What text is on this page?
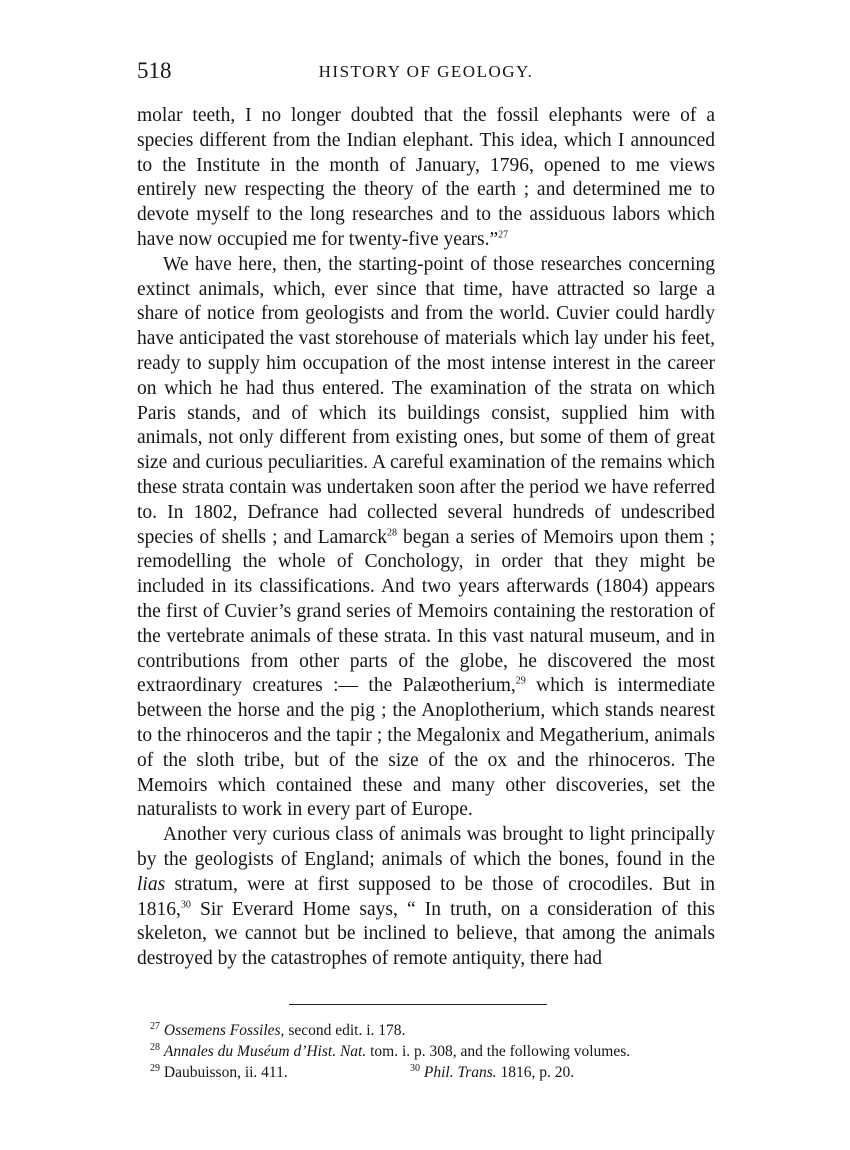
518	HISTORY OF GEOLOGY.

molar teeth, I no longer doubted that the fossil elephants were of a species different from the Indian elephant. This idea, which I announced to the Institute in the month of January, 1796, opened to me views entirely new respecting the theory of the earth ; and determined me to devote myself to the long researches and to the assiduous labors which have now occupied me for twenty-five years.”$^{27}$

We have here, then, the starting-point of those researches concerning extinct animals, which, ever since that time, have attracted so large a share of notice from geologists and from the world. Cuvier could hardly have anticipated the vast storehouse of materials which lay under his feet, ready to supply him occupation of the most intense interest in the career on which he had thus entered. The examination of the strata on which Paris stands, and of which its buildings consist, supplied him with animals, not only different from existing ones, but some of them of great size and curious peculiarities. A careful examination of the remains which these strata contain was undertaken soon after the period we have referred to. In 1802, Defrance had collected several hundreds of undescribed species of shells ; and Lamarck$^{28}$ began a series of Memoirs upon them ; remodelling the whole of Conchology, in order that they might be included in its classifications. And two years afterwards (1804) appears the first of Cuvier’s grand series of Memoirs containing the restoration of the vertebrate animals of these strata. In this vast natural museum, and in contributions from other parts of the globe, he discovered the most extraordinary creatures :— the Palæotherium,$^{29}$ which is intermediate between the horse and the pig ; the Anoplotherium, which stands nearest to the rhinoceros and the tapir ; the Megalonix and Megatherium, animals of the sloth tribe, but of the size of the ox and the rhinoceros. The Memoirs which contained these and many other discoveries, set the naturalists to work in every part of Europe.

Another very curious class of animals was brought to light principally by the geologists of England; animals of which the bones, found in the lias stratum, were at first supposed to be those of crocodiles. But in 1816,30 Sir Everard Home says, “ In truth, on a consideration of this skeleton, we cannot but be inclined to believe, that among the animals destroyed by the catastrophes of remote antiquity, there had

$^{27}$ Ossemens Fossiles, second edit. i. 178.
$^{28}$ Annales du Muséum d’Hist. Nat. tom. i. p. 308, and the following volumes.
$^{29}$ Daubuisson, ii. 411.	$^{30}$ Phil. Trans. 1816, p. 20.
